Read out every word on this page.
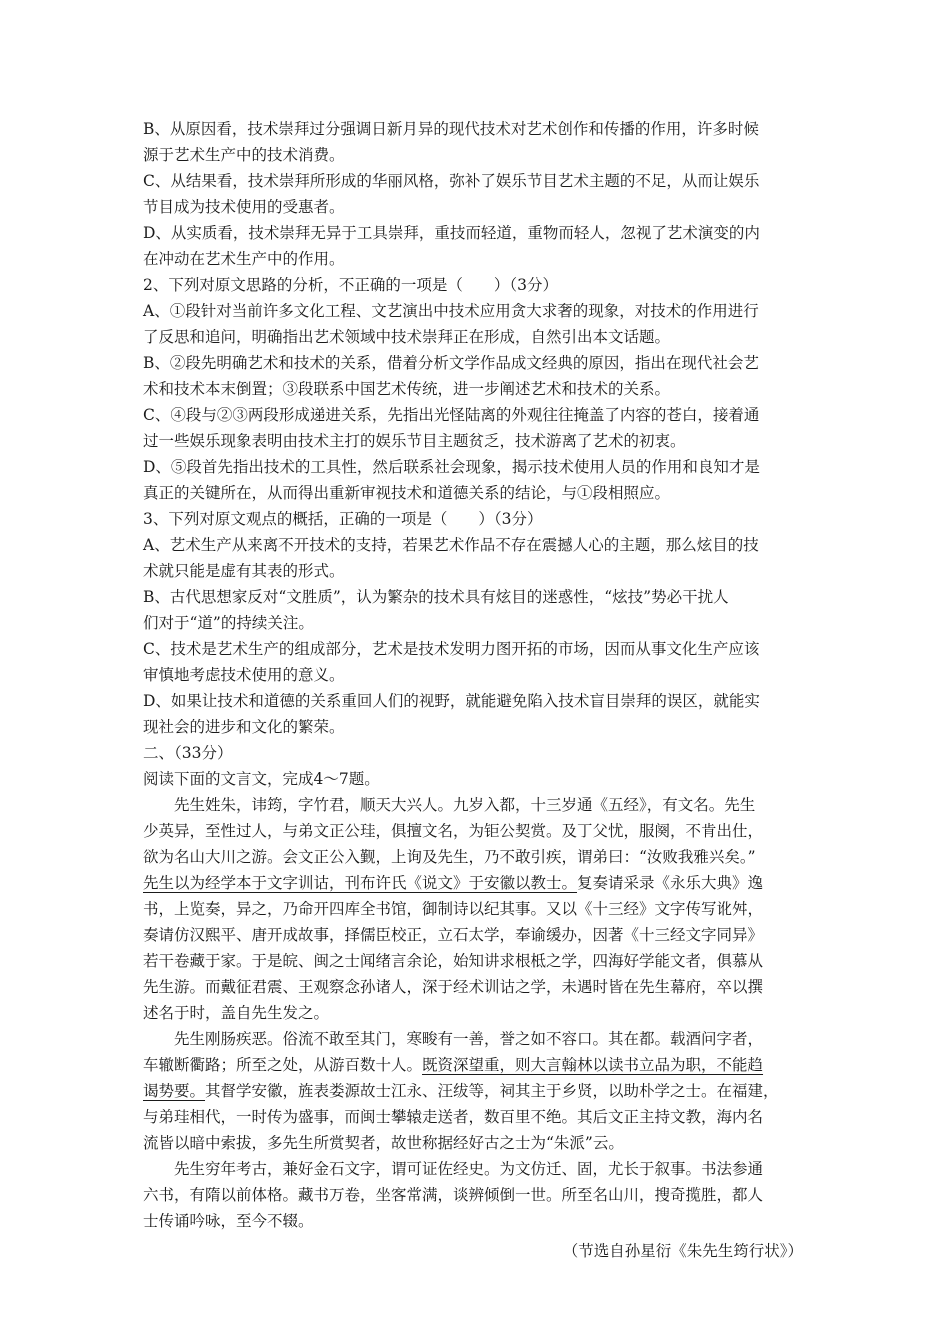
B、从原因看，技术崇拜过分强调日新月异的现代技术对艺术创作和传播的作用，许多时候
源于艺术生产中的技术消费。
C、从结果看，技术崇拜所形成的华丽风格，弥补了娱乐节目艺术主题的不足，从而让娱乐
节目成为技术使用的受惠者。
D、从实质看，技术崇拜无异于工具崇拜，重技而轻道，重物而轻人，忽视了艺术演变的内
在冲动在艺术生产中的作用。
2、下列对原文思路的分析，不正确的一项是（　　）（3分）
A、①段针对当前许多文化工程、文艺演出中技术应用贪大求奢的现象，对技术的作用进行
了反思和追问，明确指出艺术领域中技术崇拜正在形成，自然引出本文话题。
B、②段先明确艺术和技术的关系，借着分析文学作品成文经典的原因，指出在现代社会艺
术和技术本末倒置；③段联系中国艺术传统，进一步阐述艺术和技术的关系。
C、④段与②③两段形成递进关系，先指出光怪陆离的外观往往掩盖了内容的苍白，接着通
过一些娱乐现象表明由技术主打的娱乐节目主题贫乏，技术游离了艺术的初衷。
D、⑤段首先指出技术的工具性，然后联系社会现象，揭示技术使用人员的作用和良知才是
真正的关键所在，从而得出重新审视技术和道德关系的结论，与①段相照应。
3、下列对原文观点的概括，正确的一项是（　　）（3分）
A、艺术生产从来离不开技术的支持，若果艺术作品不存在震撼人心的主题，那么炫目的技
术就只能是虚有其表的形式。
B、古代思想家反对“文胜质”，认为繁杂的技术具有炫目的迷惑性，“炫技”势必干扰人
们对于“道”的持续关注。
C、技术是艺术生产的组成部分，艺术是技术发明力图开拓的市场，因而从事文化生产应该
审慎地考虑技术使用的意义。
D、如果让技术和道德的关系重回人们的视野，就能避免陷入技术盲目崇拜的误区，就能实
现社会的进步和文化的繁荣。
二、（33分）
阅读下面的文言文，完成4～7题。
先生姓朱，讳筠，字竹君，顺天大兴人。九岁入都，十三岁通《五经》，有文名。先生
少英异，至性过人，与弟文正公珪，俱擅文名，为钜公契赏。及丁父忧，服阕，不肯出仕，
欲为名山大川之游。会文正公入觐，上询及先生，乃不敢引疾，谓弟曰：“汝败我雅兴矣。”
先生以为经学本于文字训诂，刊布许氏《说文》于安徽以教士。复奏请采录《永乐大典》逸
书，上览奏，异之，乃命开四库全书馆，御制诗以纪其事。又以《十三经》文字传写讹舛，
奏请仿汉熙平、唐开成故事，择儒臣校正，立石太学，奉谕缓办，因著《十三经文字同异》
若干卷藏于家。于是皖、闽之士闻绪言余论，始知讲求根柢之学，四海好学能文者，俱慕从
先生游。而戴征君震、王观察念孙诸人，深于经术训诂之学，未遇时皆在先生幕府，卒以撰
述名于时，盖自先生发之。
先生刚肠疾恶。俗流不敢至其门，寒畯有一善，誉之如不容口。其在都。载酒问字者，
车辙断衢路；所至之处，从游百数十人。既资深望重，则大言翰林以读书立品为职，不能趋
谒势要。其督学安徽，旌表娄源故士江永、汪绂等，祠其主于乡贤，以助朴学之士。在福建，
与弟珪相代，一时传为盛事，而闽士攀辕走送者，数百里不绝。其后文正主持文教，海内名
流皆以暗中索拔，多先生所赏契者，故世称据经好古之士为“朱派”云。
先生穷年考古，兼好金石文字，谓可证佐经史。为文仿迁、固，尤长于叙事。书法参通
六书，有隋以前体格。藏书万卷，坐客常满，谈辨倾倒一世。所至名山川，搜奇揽胜，都人
士传诵吟咏，至今不辍。
（节选自孙星衍《朱先生筠行状》）
